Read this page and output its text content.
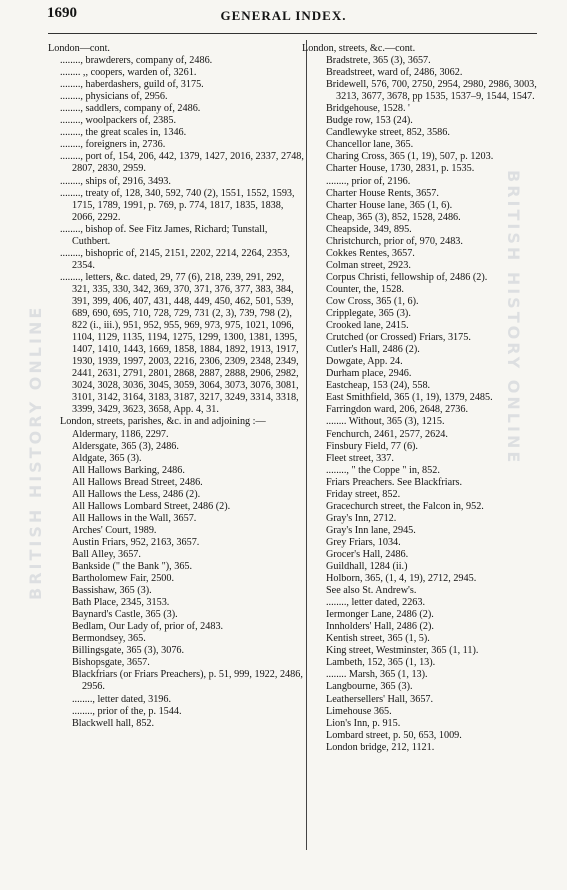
1690	GENERAL INDEX.
BRITISH HISTORY ONLINE	BRITISH HISTORY ONLINE
London—cont.
........, brawderers, company of, 2486.
........ ,, coopers, warden of, 3261.
........, haberdashers, guild of, 3175.
........, physicians of, 2956.
........, saddlers, company of, 2486.
........, woolpackers of, 2385.
........, the great scales in, 1346.
........, foreigners in, 2736.
........, port of, 154, 206, 442, 1379, 1427, 2016, 2337, 2748, 2807, 2830, 2959.
........, ships of, 2916, 3493.
........, treaty of, 128, 340, 592, 740 (2), 1551, 1552, 1593, 1715, 1789, 1991, p. 769, p. 774, 1817, 1835, 1838, 2066, 2292.
........, bishop of. See Fitz James, Richard; Tunstall, Cuthbert.
........, bishopric of, 2145, 2151, 2202, 2214, 2264, 2353, 2354.
........, letters, &c. dated, 29, 77 (6), 218, 239, 291, 292, 321, 335, 330, 342, 369, 370, 371, 376, 377, 383, 384, 391, 399, 406, 407, 431, 448, 449, 450, 462, 501, 539, 689, 690, 695, 710, 728, 729, 731 (2, 3), 739, 798 (2), 822 (i., iii.), 951, 952, 955, 969, 973, 975, 1021, 1096, 1104, 1129, 1135, 1194, 1275, 1299, 1300, 1381, 1395, 1407, 1410, 1443, 1669, 1858, 1884, 1892, 1913, 1917, 1930, 1939, 1997, 2003, 2216, 2306, 2309, 2348, 2349, 2441, 2631, 2791, 2801, 2868, 2887, 2888, 2906, 2982, 3024, 3028, 3036, 3045, 3059, 3064, 3073, 3076, 3081, 3101, 3142, 3164, 3183, 3187, 3217, 3249, 3314, 3318, 3399, 3429, 3623, 3658, App. 4, 31.
London, streets, parishes, &c. in and adjoining :—
Aldermary, 1186, 2297.
Aldersgate, 365 (3), 2486.
Aldgate, 365 (3).
All Hallows Barking, 2486.
All Hallows Bread Street, 2486.
All Hallows the Less, 2486 (2).
All Hallows Lombard Street, 2486 (2).
All Hallows in the Wall, 3657.
Arches' Court, 1989.
Austin Friars, 952, 2163, 3657.
Ball Alley, 3657.
Bankside (" the Bank "), 365.
Bartholomew Fair, 2500.
Bassishaw, 365 (3).
Bath Place, 2345, 3153.
Baynard's Castle, 365 (3).
Bedlam, Our Lady of, prior of, 2483.
Bermondsey, 365.
Billingsgate, 365 (3), 3076.
Bishopsgate, 3657.
Blackfriars (or Friars Preachers), p. 51, 999, 1922, 2486, 2956.
........, letter dated, 3196.
........, prior of the, p. 1544.
Blackwell hall, 852.
London, streets, &c.—cont.
Bradstrete, 365 (3), 3657.
Breadstreet, ward of, 2486, 3062.
Bridewell, 576, 700, 2750, 2954, 2980, 2986, 3003, 3213, 3677, 3678, pp 1535, 1537–9, 1544, 1547.
Bridgehouse, 1528. '
Budge row, 153 (24).
Candlewyke street, 852, 3586.
Chancellor lane, 365.
Charing Cross, 365 (1, 19), 507, p. 1203.
Charter House, 1730, 2831, p. 1535.
........, prior of, 2196.
Charter House Rents, 3657.
Charter House lane, 365 (1, 6).
Cheap, 365 (3), 852, 1528, 2486.
Cheapside, 349, 895.
Christchurch, prior of, 970, 2483.
Cokkes Rentes, 3657.
Colman street, 2923.
Corpus Christi, fellowship of, 2486 (2).
Counter, the, 1528.
Cow Cross, 365 (1, 6).
Cripplegate, 365 (3).
Crooked lane, 2415.
Crutched (or Crossed) Friars, 3175.
Cutler's Hall, 2486 (2).
Dowgate, App. 24.
Durham place, 2946.
Eastcheap, 153 (24), 558.
East Smithfield, 365 (1, 19), 1379, 2485.
Farringdon ward, 206, 2648, 2736.
........ Without, 365 (3), 1215.
Fenchurch, 2461, 2577, 2624.
Finsbury Field, 77 (6).
Fleet street, 337.
........, " the Coppe " in, 852.
Friars Preachers. See Blackfriars.
Friday street, 852.
Gracechurch street, the Falcon in, 952.
Gray's Inn, 2712.
Gray's Inn lane, 2945.
Grey Friars, 1034.
Grocer's Hall, 2486.
Guildhall, 1284 (ii.)
Holborn, 365, (1, 4, 19), 2712, 2945.
See also St. Andrew's.
........, letter dated, 2263.
Iermonger Lane, 2486 (2).
Innholders' Hall, 2486 (2).
Kentish street, 365 (1, 5).
King street, Westminster, 365 (1, 11).
Lambeth, 152, 365 (1, 13).
........ Marsh, 365 (1, 13).
Langbourne, 365 (3).
Leathersellers' Hall, 3657.
Limehouse 365.
Lion's Inn, p. 915.
Lombard street, p. 50, 653, 1009.
London bridge, 212, 1121.
